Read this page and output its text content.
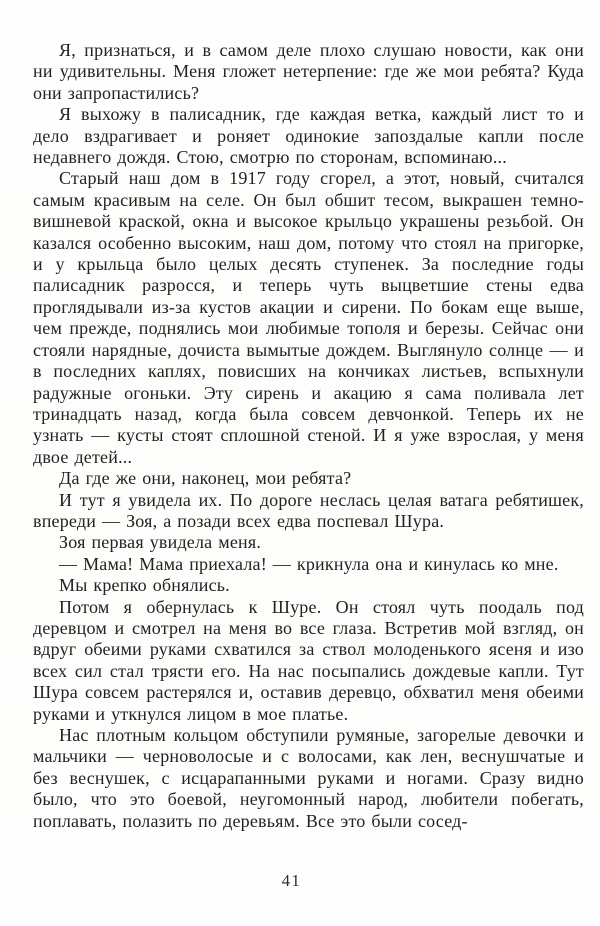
Я, признаться, и в самом деле плохо слушаю новости, как они ни удивительны. Меня гложет нетерпение: где же мои ребята? Куда они запропастились?

Я выхожу в палисадник, где каждая ветка, каждый лист то и дело вздрагивает и роняет одинокие запоздалые капли после недавнего дождя. Стою, смотрю по сторонам, вспоминаю...

Старый наш дом в 1917 году сгорел, а этот, новый, считался самым красивым на селе. Он был обшит тесом, выкрашен темно-вишневой краской, окна и высокое крыльцо украшены резьбой. Он казался особенно высоким, наш дом, потому что стоял на пригорке, и у крыльца было целых десять ступенек. За последние годы палисадник разросся, и теперь чуть выцветшие стены едва проглядывали из-за кустов акации и сирени. По бокам еще выше, чем прежде, поднялись мои любимые тополя и березы. Сейчас они стояли нарядные, дочиста вымытые дождем. Выглянуло солнце — и в последних каплях, повисших на кончиках листьев, вспыхнули радужные огоньки. Эту сирень и акацию я сама поливала лет тринадцать назад, когда была совсем девчонкой. Теперь их не узнать — кусты стоят сплошной стеной. И я уже взрослая, у меня двое детей...

Да где же они, наконец, мои ребята?

И тут я увидела их. По дороге неслась целая ватага ребятишек, впереди — Зоя, а позади всех едва поспевал Шура.

Зоя первая увидела меня.

— Мама! Мама приехала! — крикнула она и кинулась ко мне.

Мы крепко обнялись.

Потом я обернулась к Шуре. Он стоял чуть поодаль под деревцом и смотрел на меня во все глаза. Встретив мой взгляд, он вдруг обеими руками схватился за ствол молоденького ясеня и изо всех сил стал трясти его. На нас посыпались дождевые капли. Тут Шура совсем растерялся и, оставив деревцо, обхватил меня обеими руками и уткнулся лицом в мое платье.

Нас плотным кольцом обступили румяные, загорелые девочки и мальчики — черноволосые и с волосами, как лен, веснушчатые и без веснушек, с исцарапанными руками и ногами. Сразу видно было, что это боевой, неугомонный народ, любители побегать, поплавать, полазить по деревьям. Все это были сосед-

41
